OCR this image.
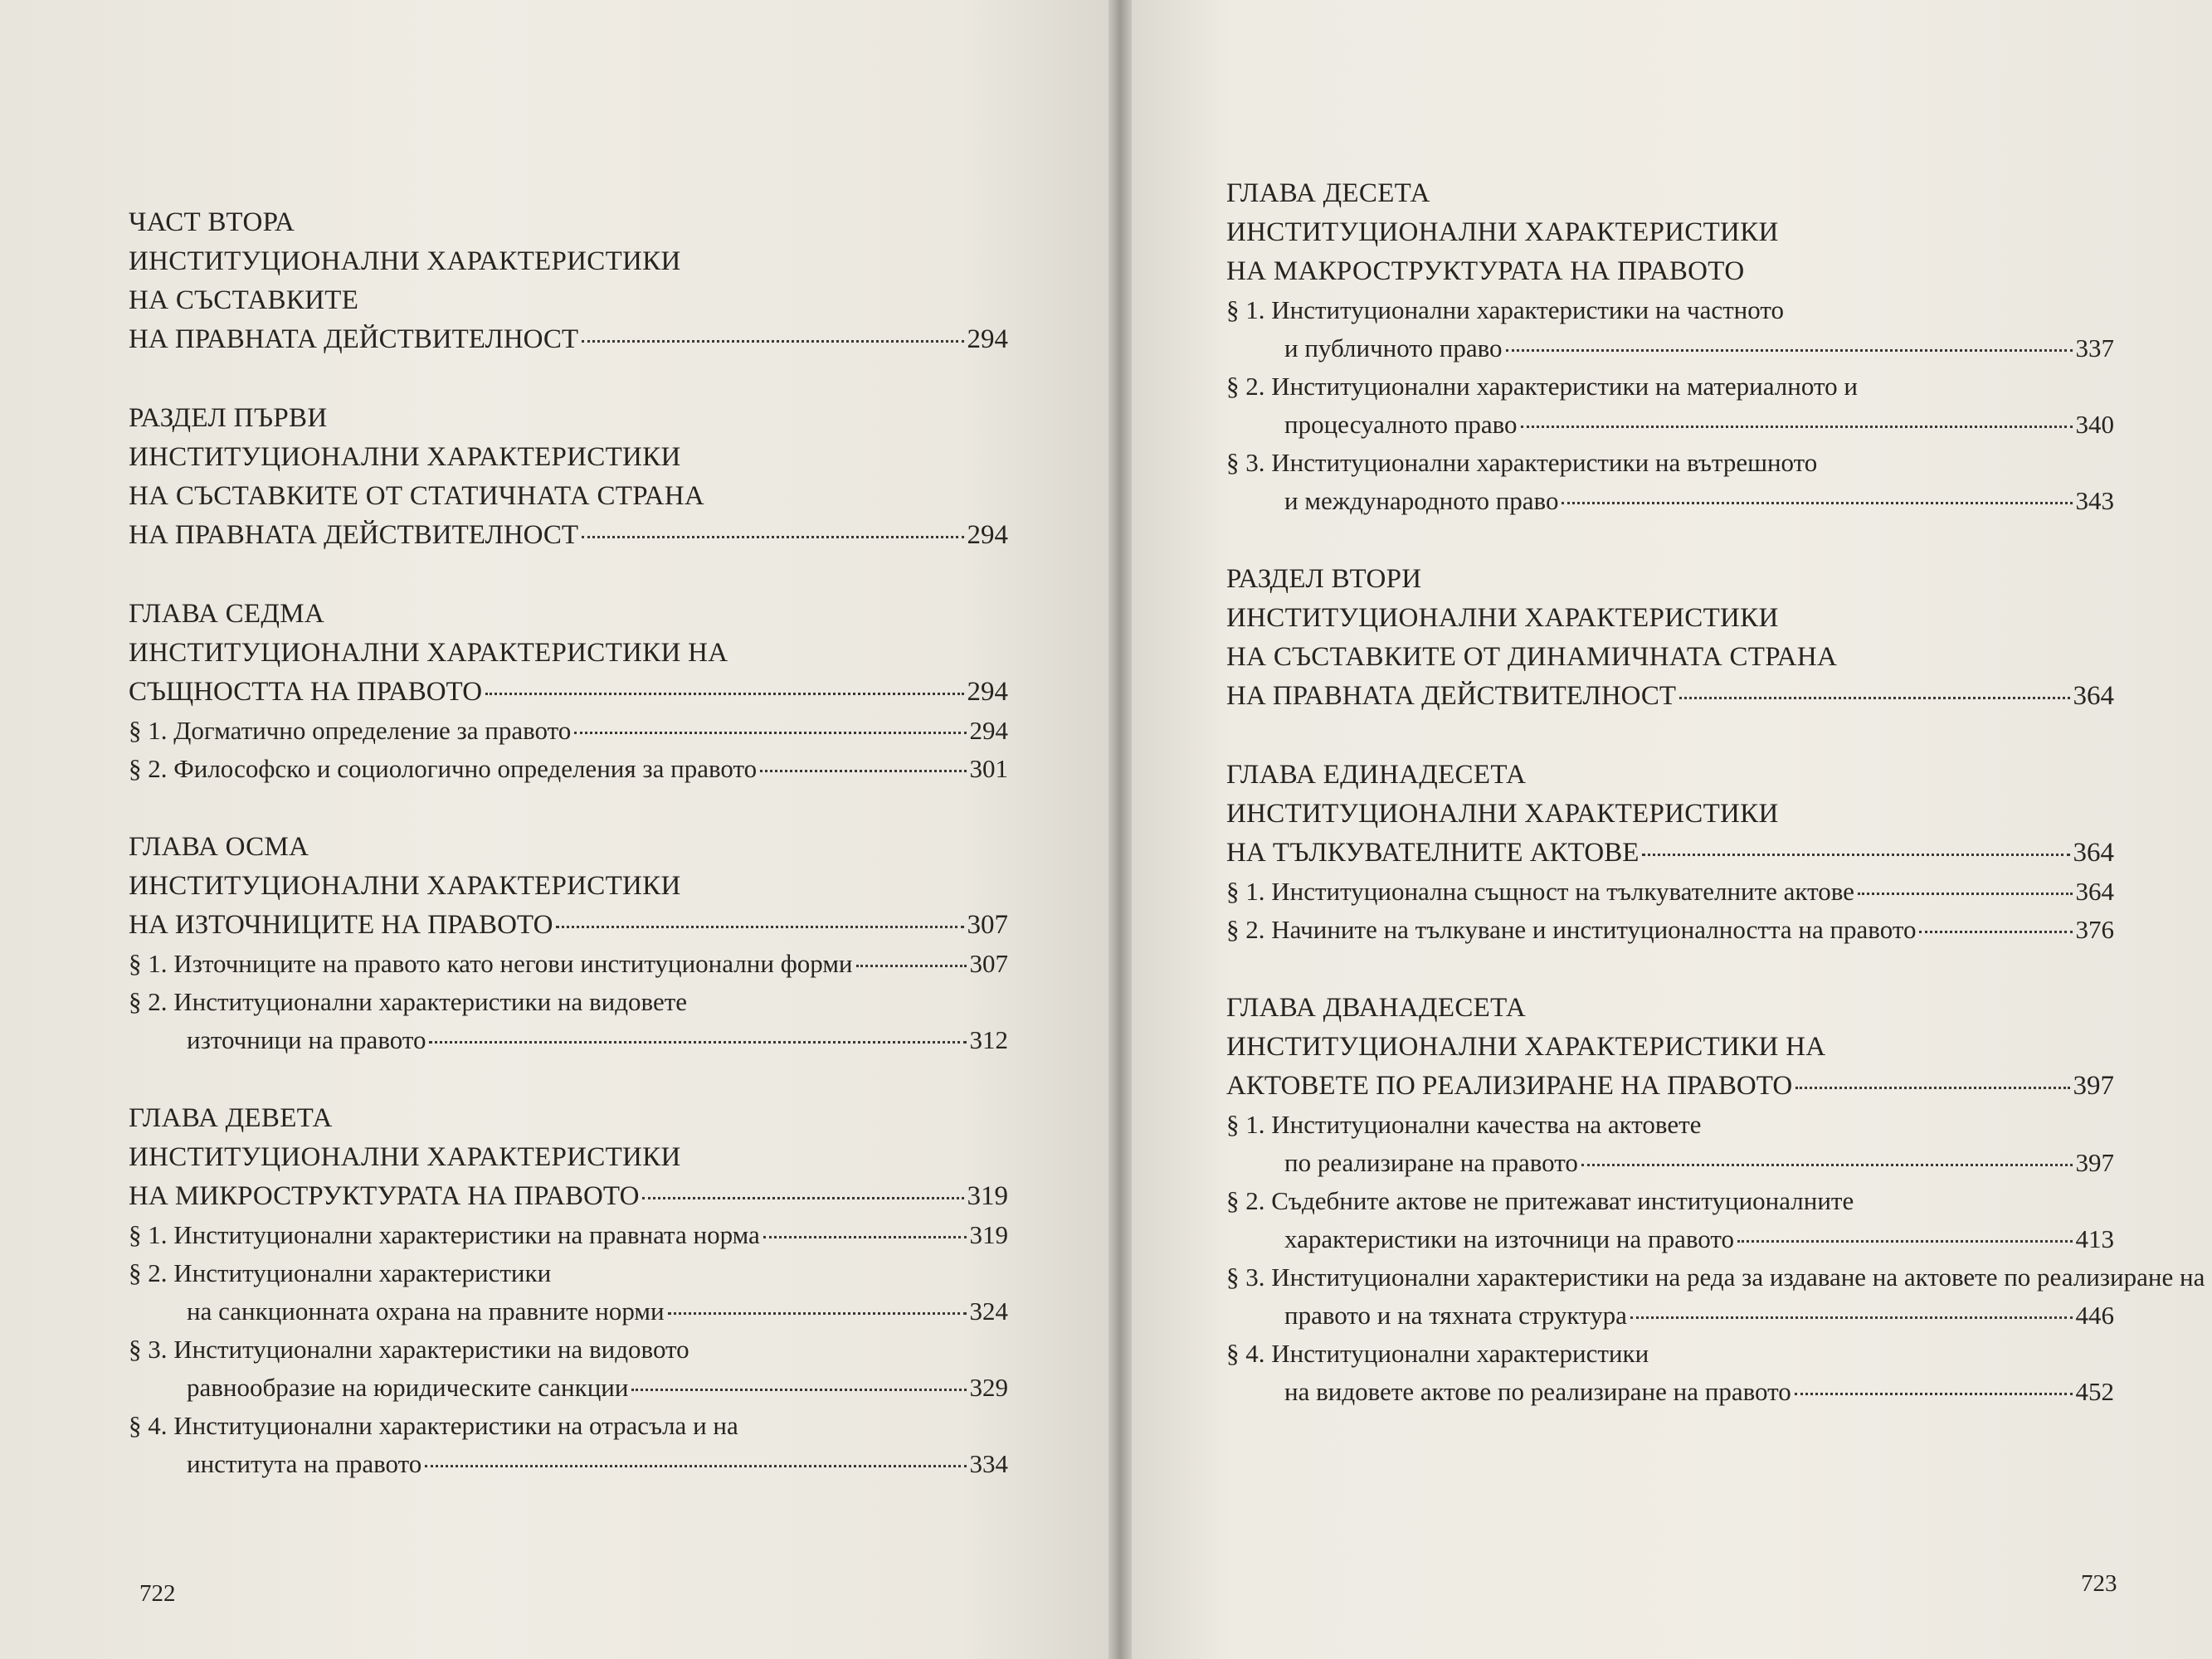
ЧАСТ ВТОРА
ИНСТИТУЦИОНАЛНИ ХАРАКТЕРИСТИКИ
НА СЪСТАВКИТЕ
НА ПРАВНАТА ДЕЙСТВИТЕЛНОСТ	294
РАЗДЕЛ ПЪРВИ
ИНСТИТУЦИОНАЛНИ ХАРАКТЕРИСТИКИ
НА СЪСТАВКИТЕ ОТ СТАТИЧНАТА СТРАНА
НА ПРАВНАТА ДЕЙСТВИТЕЛНОСТ	294
ГЛАВА СЕДМА
ИНСТИТУЦИОНАЛНИ ХАРАКТЕРИСТИКИ НА
СЪЩНОСТТА НА ПРАВОТО	294
§ 1. Догматично определение за правото	294
§ 2. Философско и социологично определения за правото	301
ГЛАВА ОСМА
ИНСТИТУЦИОНАЛНИ ХАРАКТЕРИСТИКИ
НА ИЗТОЧНИЦИТЕ НА ПРАВОТО	307
§ 1. Източниците на правото като негови институционални форми	307
§ 2. Институционални характеристики на видовете
източници на правото	312
ГЛАВА ДЕВЕТА
ИНСТИТУЦИОНАЛНИ ХАРАКТЕРИСТИКИ
НА МИКРОСТРУКТУРАТА НА ПРАВОТО	319
§ 1. Институционални характеристики на правната норма	319
§ 2. Институционални характеристики
на санкционната охрана на правните норми	324
§ 3. Институционални характеристики на видовото
равнообразие на юридическите санкции	329
§ 4. Институционални характеристики на отрасъла и на
института на правото	334
ГЛАВА ДЕСЕТА
ИНСТИТУЦИОНАЛНИ ХАРАКТЕРИСТИКИ
НА МАКРОСТРУКТУРАТА НА ПРАВОТО
§ 1. Институционални характеристики на частното
и публичното право	337
§ 2. Институционални характеристики на материалното и
процесуалното право	340
§ 3. Институционални характеристики на вътрешното
и международното право	343
РАЗДЕЛ ВТОРИ
ИНСТИТУЦИОНАЛНИ ХАРАКТЕРИСТИКИ
НА СЪСТАВКИТЕ ОТ ДИНАМИЧНАТА СТРАНА
НА ПРАВНАТА ДЕЙСТВИТЕЛНОСТ	364
ГЛАВА ЕДИНАДЕСЕТА
ИНСТИТУЦИОНАЛНИ ХАРАКТЕРИСТИКИ
НА ТЪЛКУВАТЕЛНИТЕ АКТОВЕ	364
§ 1. Институционална същност на тълкувателните актове	364
§ 2. Начините на тълкуване и институционалността на правото	376
ГЛАВА ДВАНАДЕСЕТА
ИНСТИТУЦИОНАЛНИ ХАРАКТЕРИСТИКИ НА
АКТОВЕТЕ ПО РЕАЛИЗИРАНЕ НА ПРАВОТО	397
§ 1. Институционални качества на актовете
по реализиране на правото	397
§ 2. Съдебните актове не притежават институционалните
характеристики на източници на правото	413
§ 3. Институционални характеристики на реда за издаване на актовете по реализиране на
правото и на тяхната структура	446
§ 4. Институционални характеристики
на видовете актове по реализиране на правото	452
722	723
